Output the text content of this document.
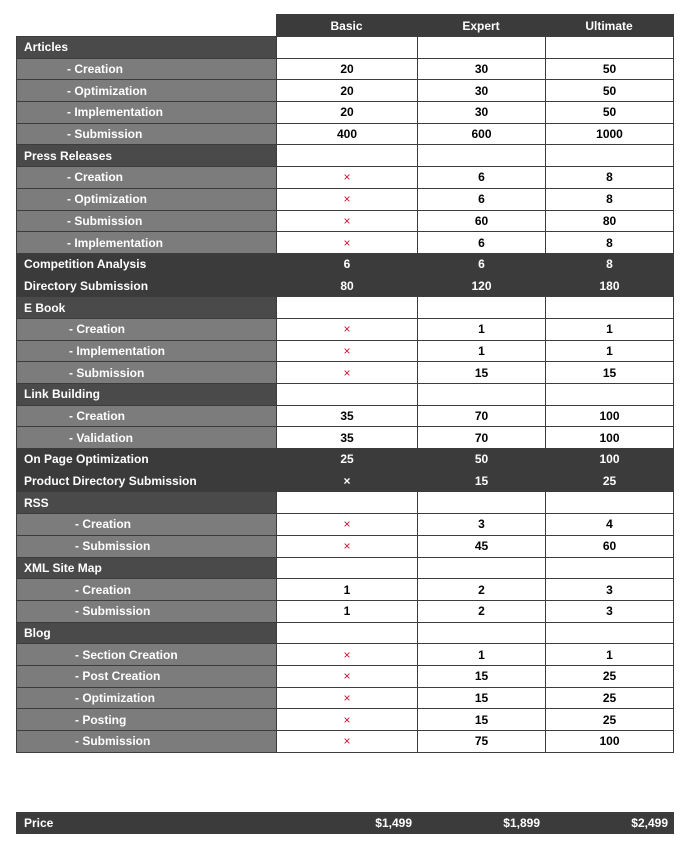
	Basic	Expert	Ultimate
Articles			
- Creation	20	30	50
- Optimization	20	30	50
- Implementation	20	30	50
- Submission	400	600	1000
Press Releases			
- Creation	×	6	8
- Optimization	×	6	8
- Submission	×	60	80
- Implementation	×	6	8
Competition Analysis	6	6	8
Directory Submission	80	120	180
E Book			
- Creation	×	1	1
- Implementation	×	1	1
- Submission	×	15	15
Link Building			
- Creation	35	70	100
- Validation	35	70	100
On Page Optimization	25	50	100
Product Directory Submission	×	15	25
RSS			
- Creation	×	3	4
- Submission	×	45	60
XML Site Map			
- Creation	1	2	3
- Submission	1	2	3
Blog			
- Section Creation	×	1	1
- Post Creation	×	15	25
- Optimization	×	15	25
- Posting	×	15	25
- Submission	×	75	100
Price	$1,499	$1,899	$2,499
